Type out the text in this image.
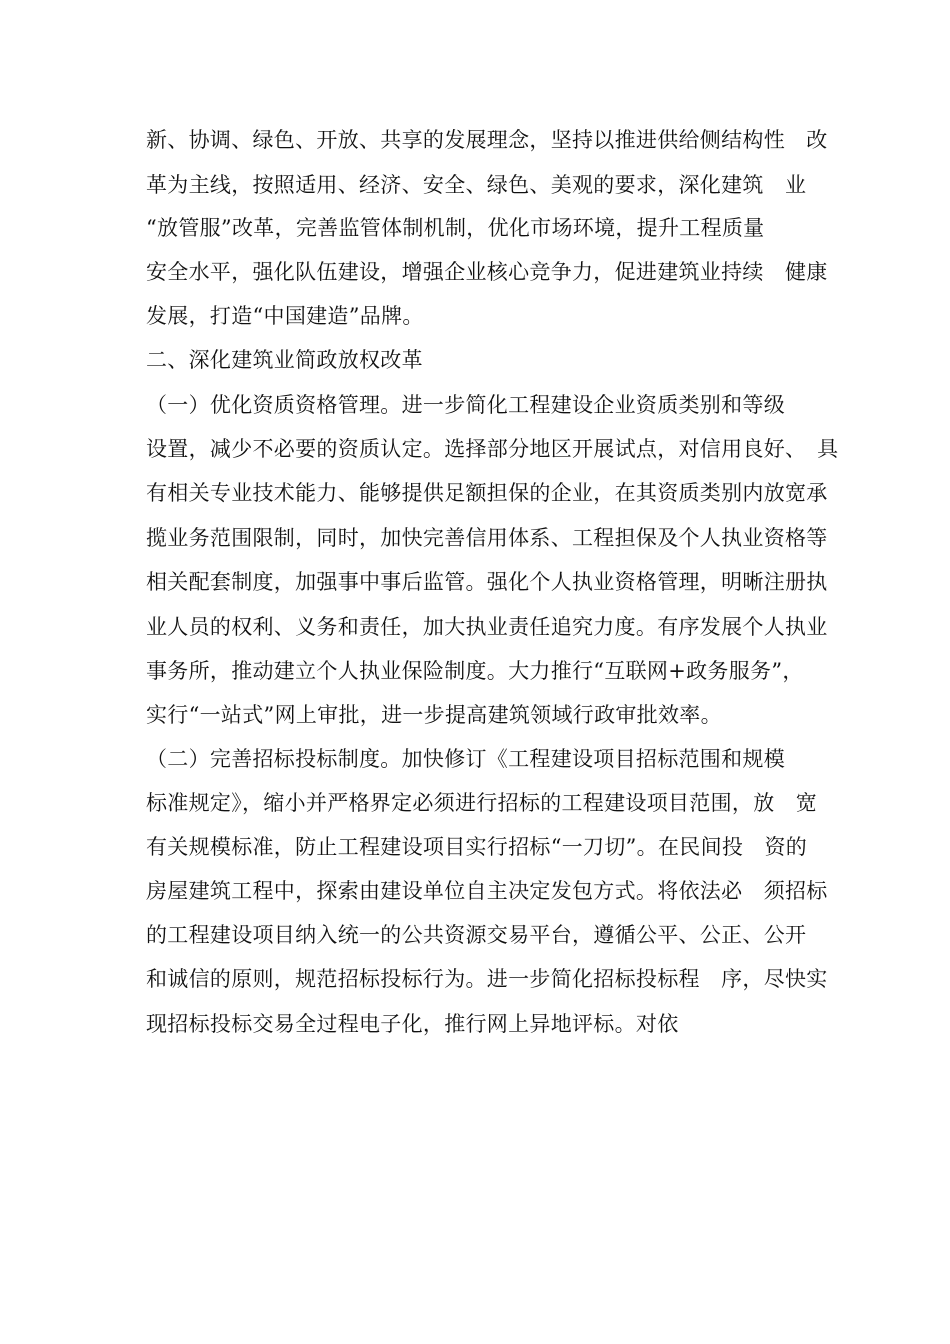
新、协调、绿色、开放、共享的发展理念，坚持以推进供给侧结构性　改
革为主线，按照适用、经济、安全、绿色、美观的要求，深化建筑　业
“放管服”改革，完善监管体制机制，优化市场环境，提升工程质量
安全水平，强化队伍建设，增强企业核心竞争力，促进建筑业持续　健康
发展，打造“中国建造”品牌。
二、深化建筑业简政放权改革
（一）优化资质资格管理。进一步简化工程建设企业资质类别和等级
设置，减少不必要的资质认定。选择部分地区开展试点，对信用良好、　具
有相关专业技术能力、能够提供足额担保的企业，在其资质类别内放宽承
揽业务范围限制，同时，加快完善信用体系、工程担保及个人执业资格等
相关配套制度，加强事中事后监管。强化个人执业资格管理，明晰注册执
业人员的权利、义务和责任，加大执业责任追究力度。有序发展个人执业
事务所，推动建立个人执业保险制度。大力推行“互联网+政务服务”，
实行“一站式”网上审批，进一步提高建筑领域行政审批效率。
（二）完善招标投标制度。加快修订《工程建设项目招标范围和规模
标准规定》，缩小并严格界定必须进行招标的工程建设项目范围，放　宽
有关规模标准，防止工程建设项目实行招标“一刀切”。在民间投　资的
房屋建筑工程中，探索由建设单位自主决定发包方式。将依法必　须招标
的工程建设项目纳入统一的公共资源交易平台，遵循公平、公正、公开
和诚信的原则，规范招标投标行为。进一步简化招标投标程　序，尽快实
现招标投标交易全过程电子化，推行网上异地评标。对依
